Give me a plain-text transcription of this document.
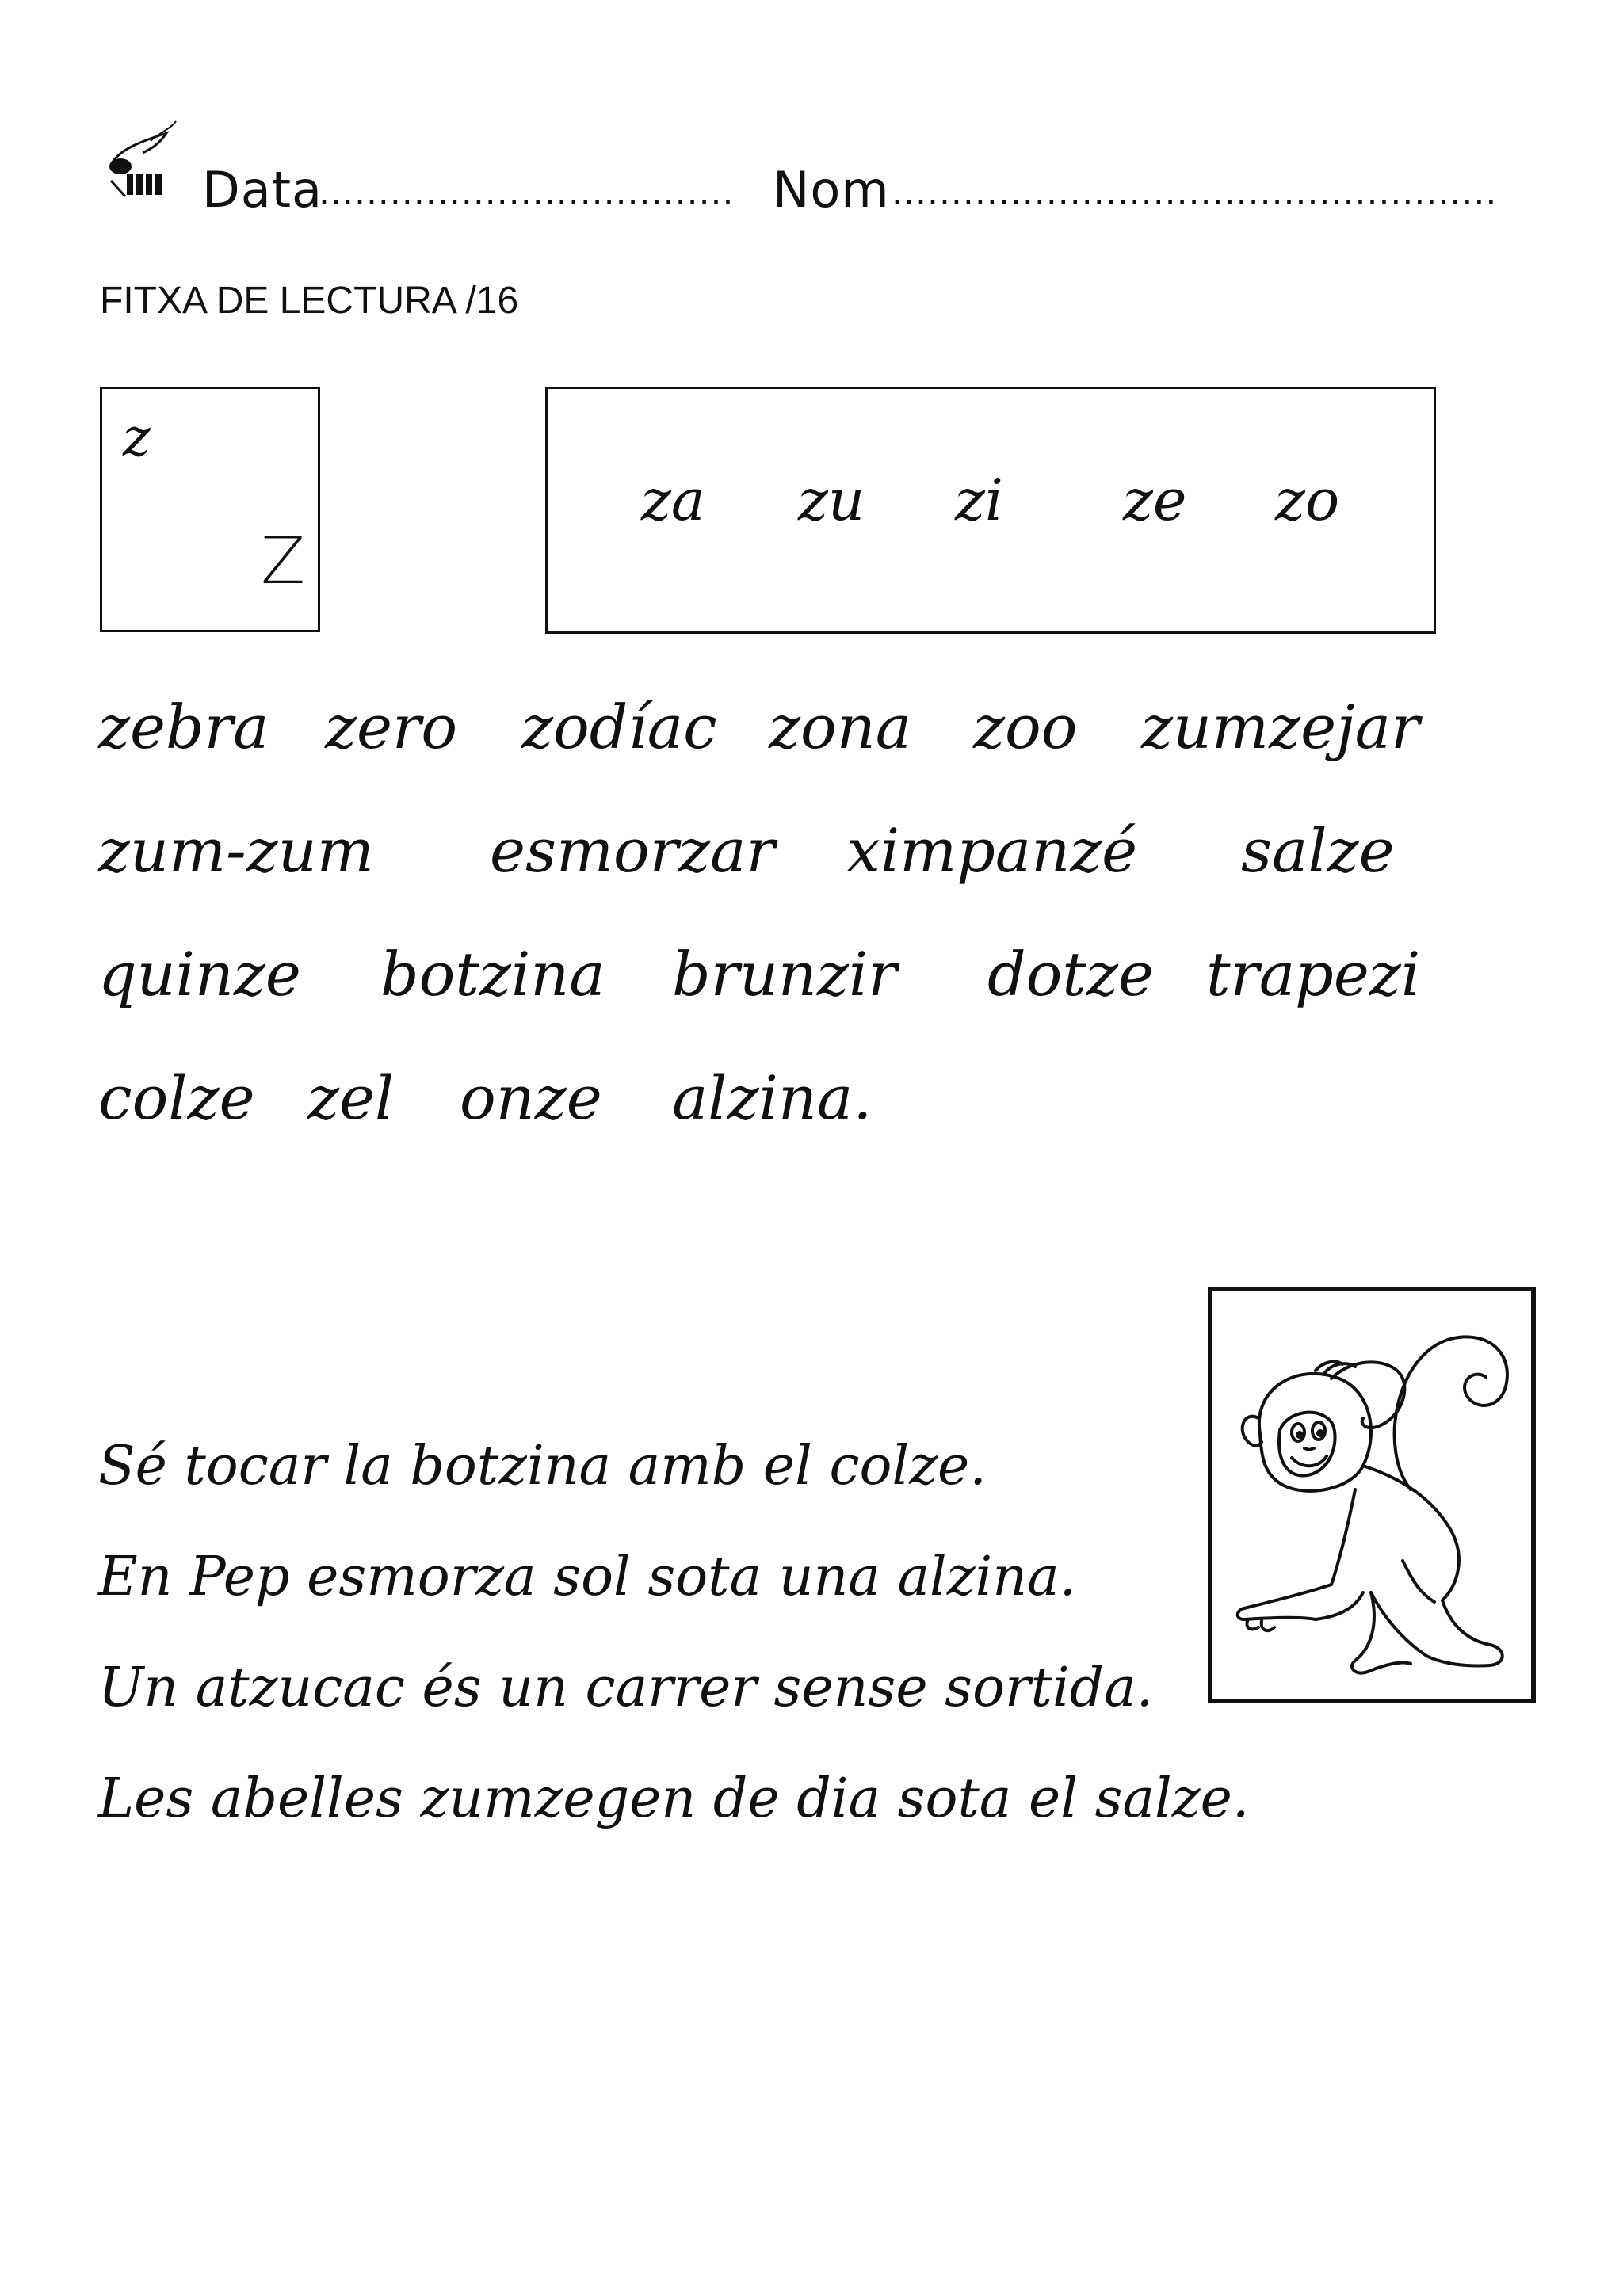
Data
................................... Nom ...................................................
FITXA DE LECTURA /16
z
Z
za zu zi ze zo
zebra zero zodíac zona zoo zumzejar
zum-zum esmorzar ximpanzé salze
quinze botzina brunzir dotze trapezi
colze zel onze alzina.
Sé tocar la botzina amb el colze.
En Pep esmorza sol sota una alzina.
Un atzucac és un carrer sense sortida.
Les abelles zumzegen de dia sota el salze.
